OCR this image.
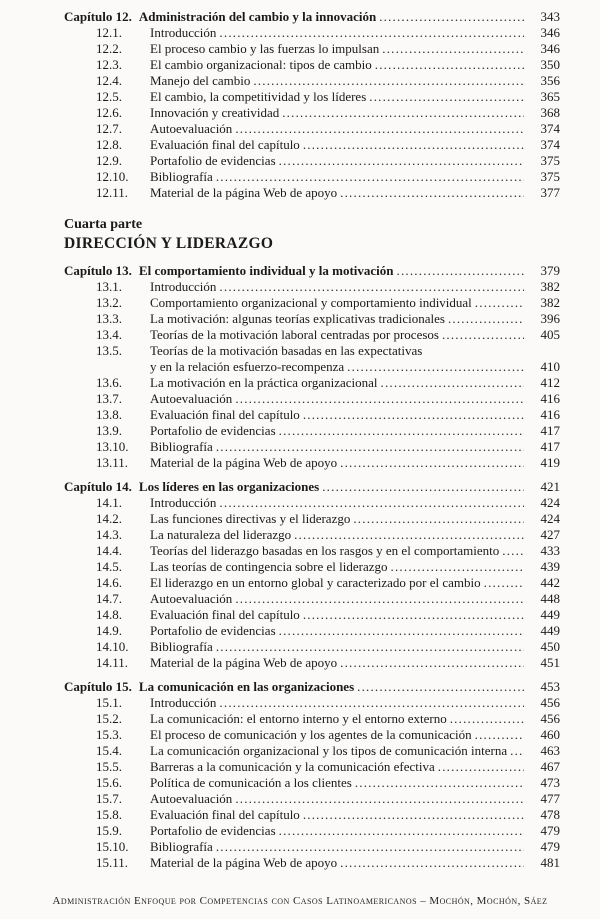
Capítulo 12. Administración del cambio y la innovación .....	343
12.1.	Introducción .....	346
12.2.	El proceso cambio y las fuerzas lo impulsan .....	346
12.3.	El cambio organizacional: tipos de cambio .....	350
12.4.	Manejo del cambio .....	356
12.5.	El cambio, la competitividad y los líderes .....	365
12.6.	Innovación y creatividad .....	368
12.7.	Autoevaluación .....	374
12.8.	Evaluación final del capítulo .....	374
12.9.	Portafolio de evidencias .....	375
12.10.	Bibliografía .....	375
12.11.	Material de la página Web de apoyo .....	377
Cuarta parte
DIRECCIÓN Y LIDERAZGO
Capítulo 13. El comportamiento individual y la motivación .....	379
13.1.	Introducción .....	382
13.2.	Comportamiento organizacional y comportamiento individual .....	382
13.3.	La motivación: algunas teorías explicativas tradicionales .....	396
13.4.	Teorías de la motivación laboral centradas por procesos .....	405
13.5.	Teorías de la motivación basadas en las expectativas
y en la relación esfuerzo-recompenza .....	410
13.6.	La motivación en la práctica organizacional .....	412
13.7.	Autoevaluación .....	416
13.8.	Evaluación final del capítulo .....	416
13.9.	Portafolio de evidencias .....	417
13.10.	Bibliografía .....	417
13.11.	Material de la página Web de apoyo .....	419
Capítulo 14. Los líderes en las organizaciones .....	421
14.1.	Introducción .....	424
14.2.	Las funciones directivas y el liderazgo .....	424
14.3.	La naturaleza del liderazgo .....	427
14.4.	Teorías del liderazgo basadas en los rasgos y en el comportamiento .....	433
14.5.	Las teorías de contingencia sobre el liderazgo .....	439
14.6.	El liderazgo en un entorno global y caracterizado por el cambio .....	442
14.7.	Autoevaluación .....	448
14.8.	Evaluación final del capítulo .....	449
14.9.	Portafolio de evidencias .....	449
14.10.	Bibliografía .....	450
14.11.	Material de la página Web de apoyo .....	451
Capítulo 15. La comunicación en las organizaciones .....	453
15.1.	Introducción .....	456
15.2.	La comunicación: el entorno interno y el entorno externo .....	456
15.3.	El proceso de comunicación y los agentes de la comunicación .....	460
15.4.	La comunicación organizacional y los tipos de comunicación interna .....	463
15.5.	Barreras a la comunicación y la comunicación efectiva .....	467
15.6.	Política de comunicación a los clientes .....	473
15.7.	Autoevaluación .....	477
15.8.	Evaluación final del capítulo .....	478
15.9.	Portafolio de evidencias .....	479
15.10.	Bibliografía .....	479
15.11.	Material de la página Web de apoyo .....	481
Administración Enfoque por Competencias con Casos Latinoamericanos – Mochón, Mochón, Sáez
